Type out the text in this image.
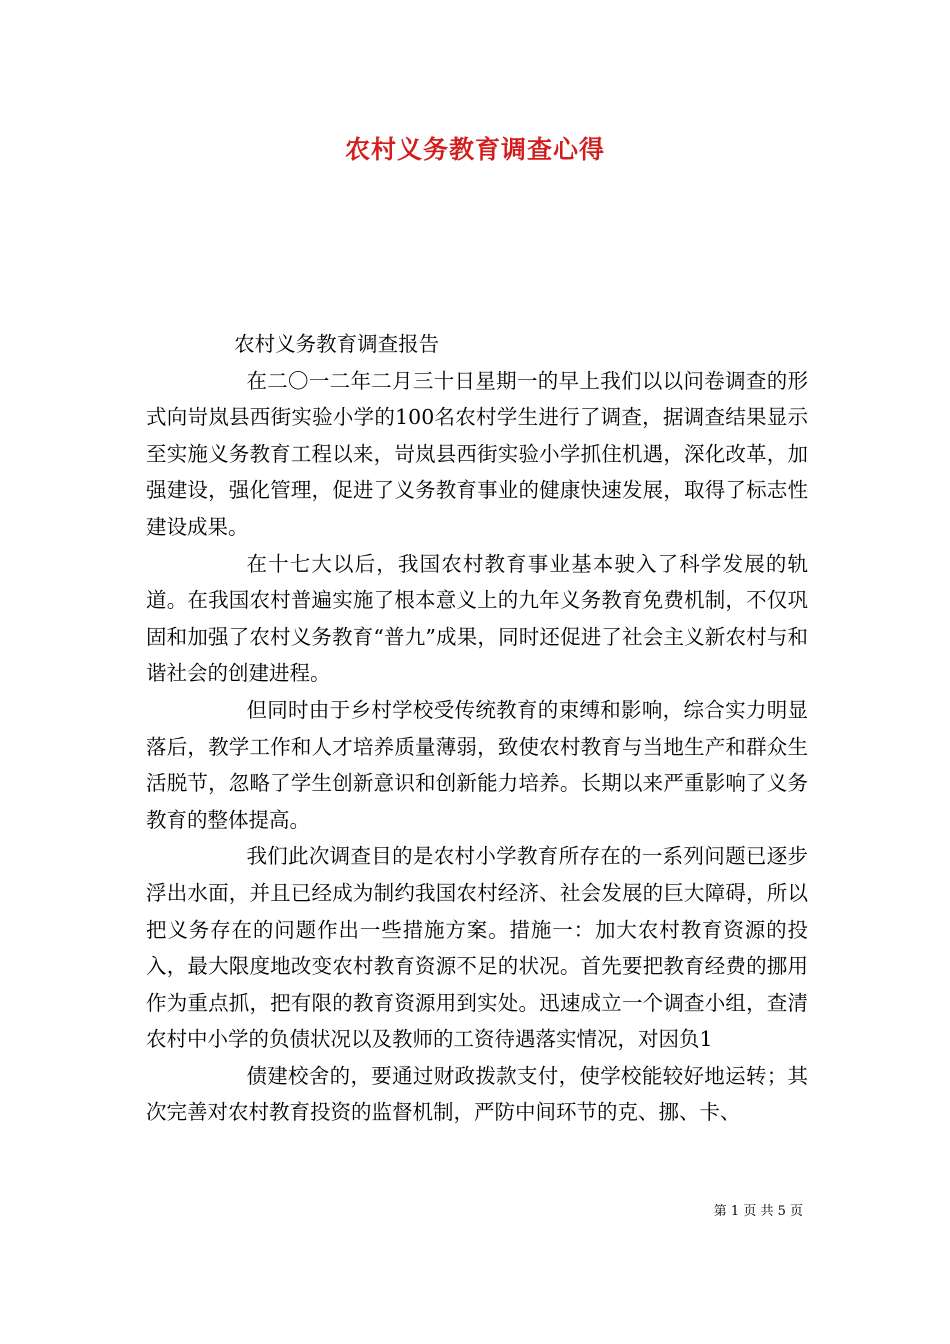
农村义务教育调查心得

农村义务教育调查报告

在二〇一二年二月三十日星期一的早上我们以以问卷调查的形式向岢岚县西街实验小学的100名农村学生进行了调查，据调查结果显示至实施义务教育工程以来，岢岚县西街实验小学抓住机遇，深化改革，加强建设，强化管理，促进了义务教育事业的健康快速发展，取得了标志性建设成果。

在十七大以后，我国农村教育事业基本驶入了科学发展的轨道。在我国农村普遍实施了根本意义上的九年义务教育免费机制，不仅巩固和加强了农村义务教育“普九”成果，同时还促进了社会主义新农村与和谐社会的创建进程。

但同时由于乡村学校受传统教育的束缚和影响，综合实力明显落后，教学工作和人才培养质量薄弱，致使农村教育与当地生产和群众生活脱节，忽略了学生创新意识和创新能力培养。长期以来严重影响了义务教育的整体提高。

我们此次调查目的是农村小学教育所存在的一系列问题已逐步浮出水面，并且已经成为制约我国农村经济、社会发展的巨大障碍，所以把义务存在的问题作出一些措施方案。措施一：加大农村教育资源的投入，最大限度地改变农村教育资源不足的状况。首先要把教育经费的挪用作为重点抓，把有限的教育资源用到实处。迅速成立一个调查小组，查清农村中小学的负债状况以及教师的工资待遇落实情况，对因负1

债建校舍的，要通过财政拨款支付，使学校能较好地运转；其次完善对农村教育投资的监督机制，严防中间环节的克、挪、卡、

第 1 页 共 5 页
